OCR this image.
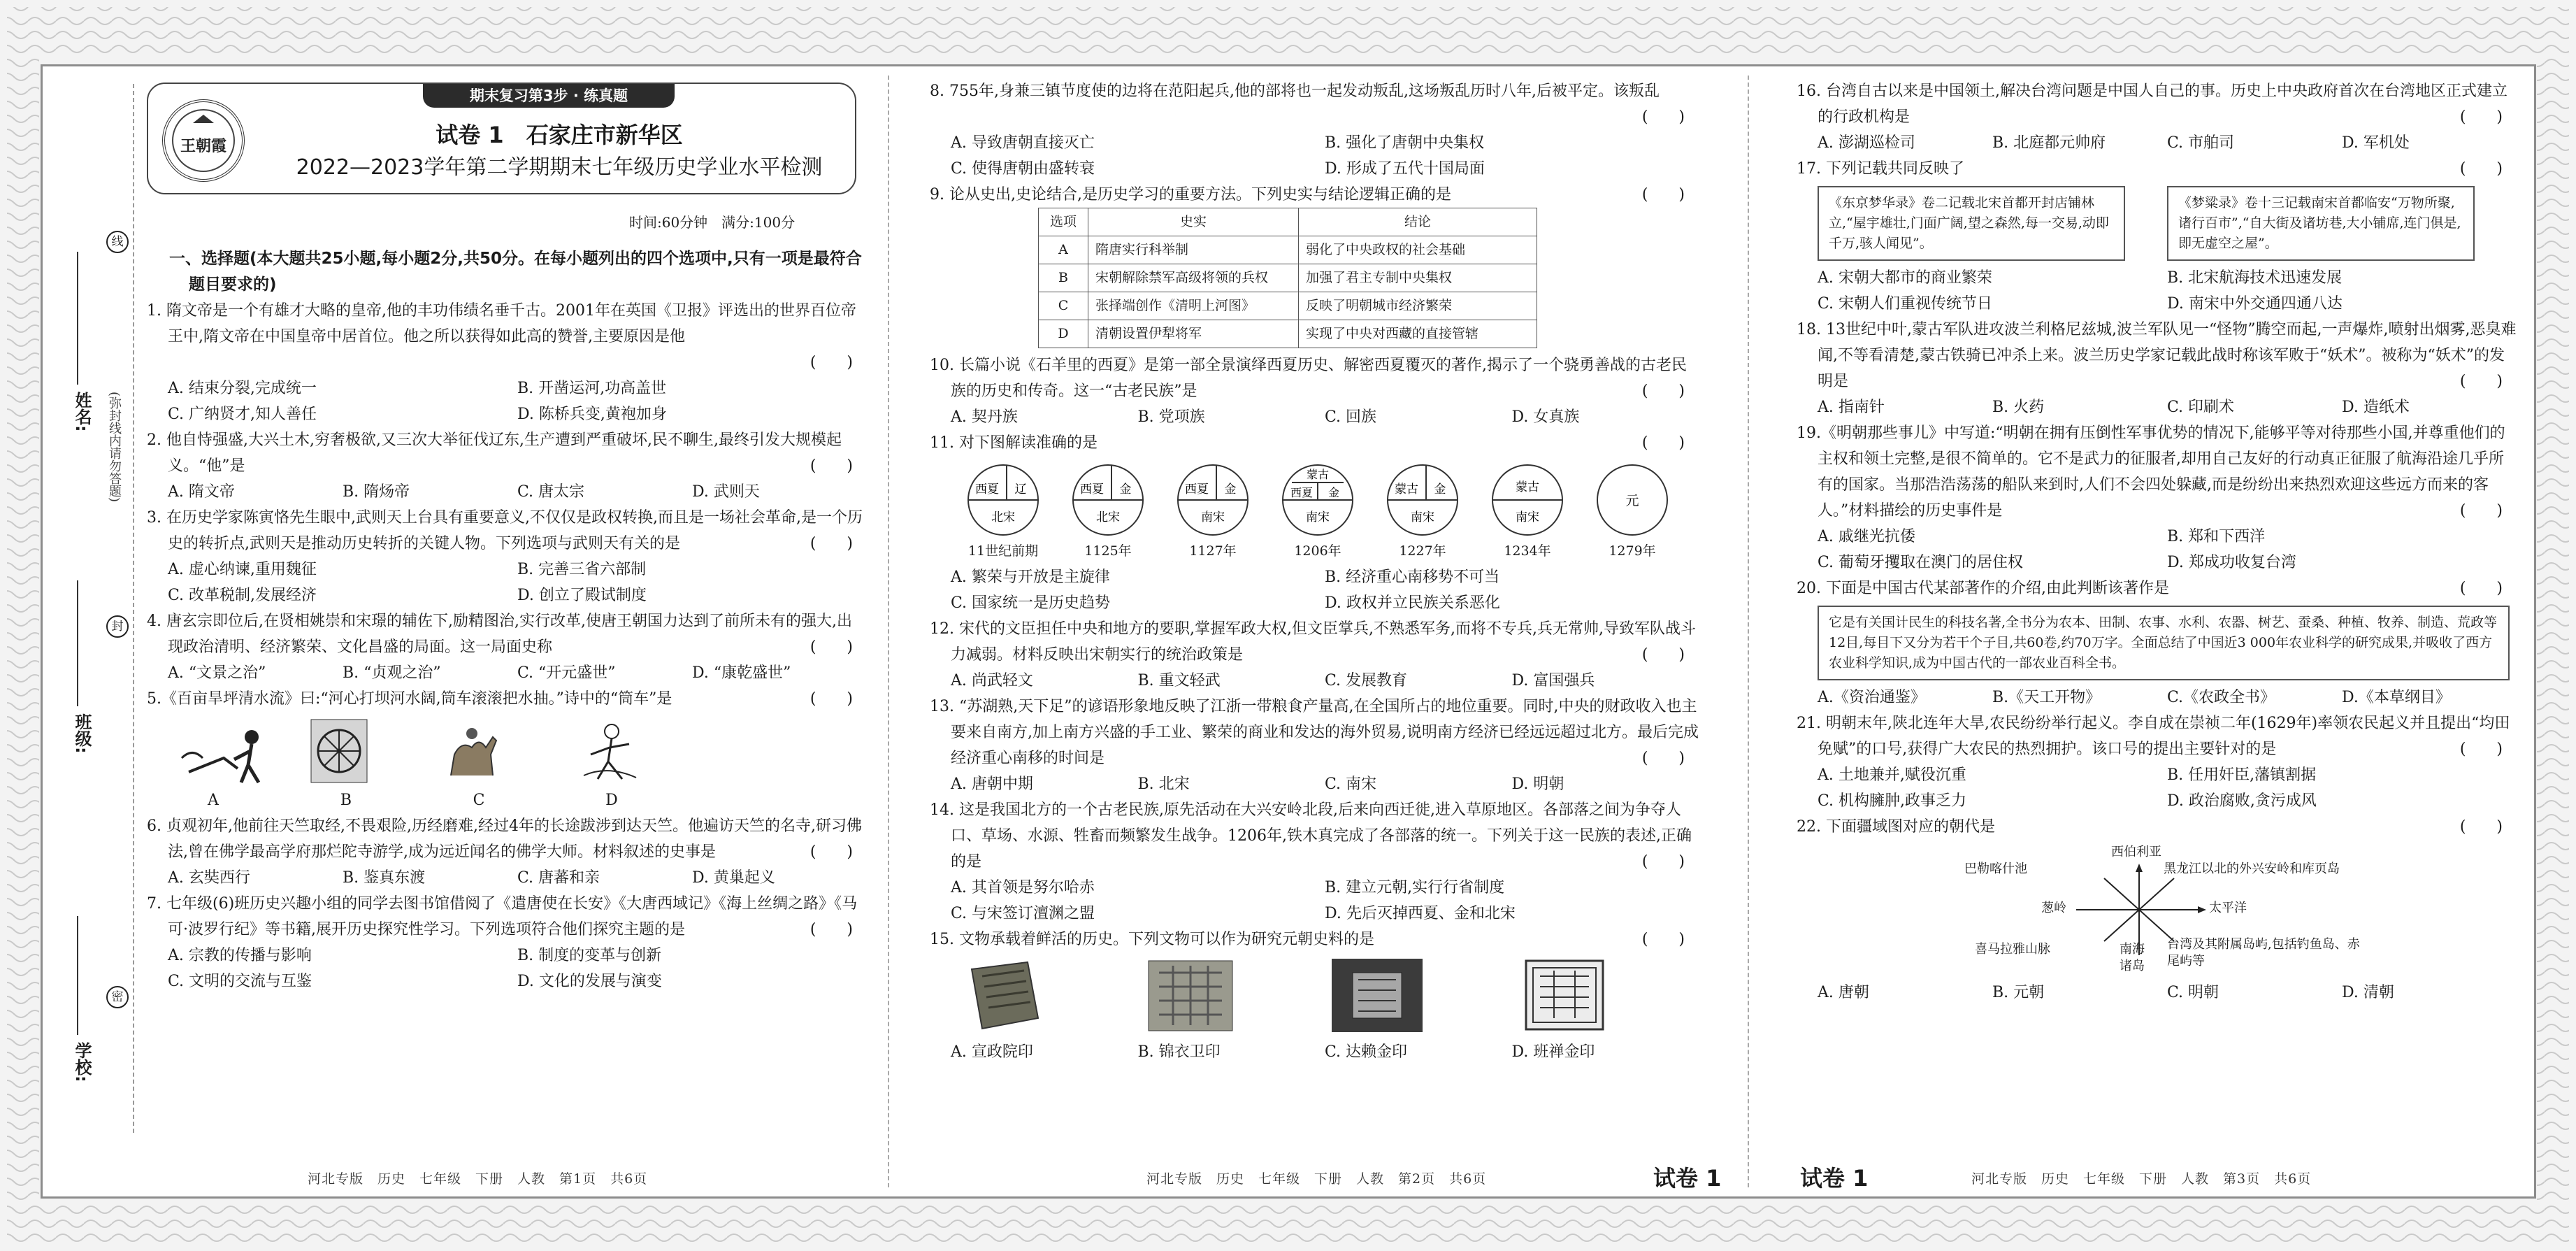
线
封
密
(弥封线内请勿答题)
姓名:
班级:
学校:
期末复习第3步 · 练真题
王朝霞	试卷 1　石家庄市新华区
2022—2023学年第二学期期末七年级历史学业水平检测
时间:60分钟　满分:100分

一、选择题(本大题共25小题,每小题2分,共50分。在每小题列出的四个选项中,只有一项是最符合题目要求的)

1. 隋文帝是一个有雄才大略的皇帝,他的丰功伟绩名垂千古。2001年在英国《卫报》评选出的世界百位帝王中,隋文帝在中国皇帝中居首位。他之所以获得如此高的赞誉,主要原因是他

(　　)

A. 结束分裂,完成统一	B. 开凿运河,功高盖世
C. 广纳贤才,知人善任	D. 陈桥兵变,黄袍加身

2. 他自恃强盛,大兴土木,穷奢极欲,又三次大举征伐辽东,生产遭到严重破坏,民不聊生,最终引发大规模起义。“他”是	(　　)

A. 隋文帝	B. 隋炀帝	C. 唐太宗	D. 武则天

3. 在历史学家陈寅恪先生眼中,武则天上台具有重要意义,不仅仅是政权转换,而且是一场社会革命,是一个历史的转折点,武则天是推动历史转折的关键人物。下列选项与武则天有关的是	(　　)

A. 虚心纳谏,重用魏征	B. 完善三省六部制
C. 改革税制,发展经济	D. 创立了殿试制度

4. 唐玄宗即位后,在贤相姚崇和宋璟的辅佐下,励精图治,实行改革,使唐王朝国力达到了前所未有的强大,出现政治清明、经济繁荣、文化昌盛的局面。这一局面史称	(　　)

A. “文景之治”	B. “贞观之治”	C. “开元盛世”	D. “康乾盛世”

5.《百亩旱坪清水流》曰:“河心打坝河水阔,筒车滚滚把水抽。”诗中的“筒车”是	(　　)

A	B	C	D

6. 贞观初年,他前往天竺取经,不畏艰险,历经磨难,经过4年的长途跋涉到达天竺。他遍访天竺的名寺,研习佛法,曾在佛学最高学府那烂陀寺游学,成为远近闻名的佛学大师。材料叙述的史事是	(　　)

A. 玄奘西行	B. 鉴真东渡	C. 唐蕃和亲	D. 黄巢起义

7. 七年级(6)班历史兴趣小组的同学去图书馆借阅了《遣唐使在长安》《大唐西域记》《海上丝绸之路》《马可·波罗行纪》等书籍,展开历史探究性学习。下列选项符合他们探究主题的是	(　　)

A. 宗教的传播与影响	B. 制度的变革与创新
C. 文明的交流与互鉴	D. 文化的发展与演变

8. 755年,身兼三镇节度使的边将在范阳起兵,他的部将也一起发动叛乱,这场叛乱历时八年,后被平定。该叛乱

(　　)

A. 导致唐朝直接灭亡	B. 强化了唐朝中央集权
C. 使得唐朝由盛转衰	D. 形成了五代十国局面

9. 论从史出,史论结合,是历史学习的重要方法。下列史实与结论逻辑正确的是	(　　)

选项	史实	结论
A	隋唐实行科举制	弱化了中央政权的社会基础
B	宋朝解除禁军高级将领的兵权	加强了君主专制中央集权
C	张择端创作《清明上河图》	反映了明朝城市经济繁荣
D	清朝设置伊犁将军	实现了中央对西藏的直接管辖

10. 长篇小说《石羊里的西夏》是第一部全景演绎西夏历史、解密西夏覆灭的著作,揭示了一个骁勇善战的古老民族的历史和传奇。这一“古老民族”是	(　　)

A. 契丹族	B. 党项族	C. 回族	D. 女真族

11. 对下图解读准确的是	(　　)

西夏 辽
北宋
11世纪前期
西夏 金
北宋
1125年
西夏 金
南宋
1127年
蒙古
西夏 金
南宋
1206年
蒙古 金
南宋
1227年
蒙古
南宋
1234年
元
1279年
A. 繁荣与开放是主旋律	B. 经济重心南移势不可当
C. 国家统一是历史趋势	D. 政权并立民族关系恶化

12. 宋代的文臣担任中央和地方的要职,掌握军政大权,但文臣掌兵,不熟悉军务,而将不专兵,兵无常帅,导致军队战斗力减弱。材料反映出宋朝实行的统治政策是	(　　)

A. 尚武轻文	B. 重文轻武	C. 发展教育	D. 富国强兵

13. “苏湖熟,天下足”的谚语形象地反映了江浙一带粮食产量高,在全国所占的地位重要。同时,中央的财政收入也主要来自南方,加上南方兴盛的手工业、繁荣的商业和发达的海外贸易,说明南方经济已经远远超过北方。最后完成经济重心南移的时间是	(　　)

A. 唐朝中期	B. 北宋	C. 南宋	D. 明朝

14. 这是我国北方的一个古老民族,原先活动在大兴安岭北段,后来向西迁徙,进入草原地区。各部落之间为争夺人口、草场、水源、牲畜而频繁发生战争。1206年,铁木真完成了各部落的统一。下列关于这一民族的表述,正确的是	(　　)

A. 其首领是努尔哈赤	B. 建立元朝,实行行省制度
C. 与宋签订澶渊之盟	D. 先后灭掉西夏、金和北宋

15. 文物承载着鲜活的历史。下列文物可以作为研究元朝史料的是	(　　)

A. 宣政院印	B. 锦衣卫印	C. 达赖金印	D. 班禅金印

16. 台湾自古以来是中国领土,解决台湾问题是中国人自己的事。历史上中央政府首次在台湾地区正式建立的行政机构是	(　　)

A. 澎湖巡检司	B. 北庭都元帅府	C. 市舶司	D. 军机处

17. 下列记载共同反映了	(　　)

《东京梦华录》卷二记载北宋首都开封店铺林立,“屋宇雄壮,门面广阔,望之森然,每一交易,动即千万,骇人闻见”。
《梦粱录》卷十三记载南宋首都临安“万物所聚,诸行百市”,“自大街及诸坊巷,大小铺席,连门俱是,即无虚空之屋”。
A. 宋朝大都市的商业繁荣	B. 北宋航海技术迅速发展
C. 宋朝人们重视传统节日	D. 南宋中外交通四通八达

18. 13世纪中叶,蒙古军队进攻波兰利格尼兹城,波兰军队见一“怪物”腾空而起,一声爆炸,喷射出烟雾,恶臭难闻,不等看清楚,蒙古铁骑已冲杀上来。波兰历史学家记载此战时称该军败于“妖术”。被称为“妖术”的发明是	(　　)

A. 指南针	B. 火药	C. 印刷术	D. 造纸术

19.《明朝那些事儿》中写道:“明朝在拥有压倒性军事优势的情况下,能够平等对待那些小国,并尊重他们的主权和领土完整,是很不简单的。它不是武力的征服者,却用自己友好的行动真正征服了航海沿途几乎所有的国家。当那浩浩荡荡的船队来到时,人们不会四处躲藏,而是纷纷出来热烈欢迎这些远方而来的客人。”材料描绘的历史事件是	(　　)

A. 戚继光抗倭	B. 郑和下西洋
C. 葡萄牙攫取在澳门的居住权	D. 郑成功收复台湾

20. 下面是中国古代某部著作的介绍,由此判断该著作是	(　　)

它是有关国计民生的科技名著,全书分为农本、田制、农事、水利、农器、树艺、蚕桑、种植、牧养、制造、荒政等12目,每目下又分为若干个子目,共60卷,约70万字。全面总结了中国近3 000年农业科学的研究成果,并吸收了西方农业科学知识,成为中国古代的一部农业百科全书。
A.《资治通鉴》	B.《天工开物》	C.《农政全书》	D.《本草纲目》

21. 明朝末年,陕北连年大旱,农民纷纷举行起义。李自成在崇祯二年(1629年)率领农民起义并且提出“均田免赋”的口号,获得广大农民的热烈拥护。该口号的提出主要针对的是	(　　)

A. 土地兼并,赋役沉重	B. 任用奸臣,藩镇割据
C. 机构臃肿,政事乏力	D. 政治腐败,贪污成风

22. 下面疆域图对应的朝代是	(　　)

西伯利亚
巴勒喀什池	黑龙江以北的外兴安岭和库页岛
葱岭	太平洋
喜马拉雅山脉	南海诸岛
台湾及其附属岛屿,包括钓鱼岛、赤尾屿等
A. 唐朝	B. 元朝	C. 明朝	D. 清朝
河北专版　历史　七年级　下册　人教　第1页　共6页	河北专版　历史　七年级　下册　人教　第2页　共6页	试卷 1	试卷 1	河北专版　历史　七年级　下册　人教　第3页　共6页
